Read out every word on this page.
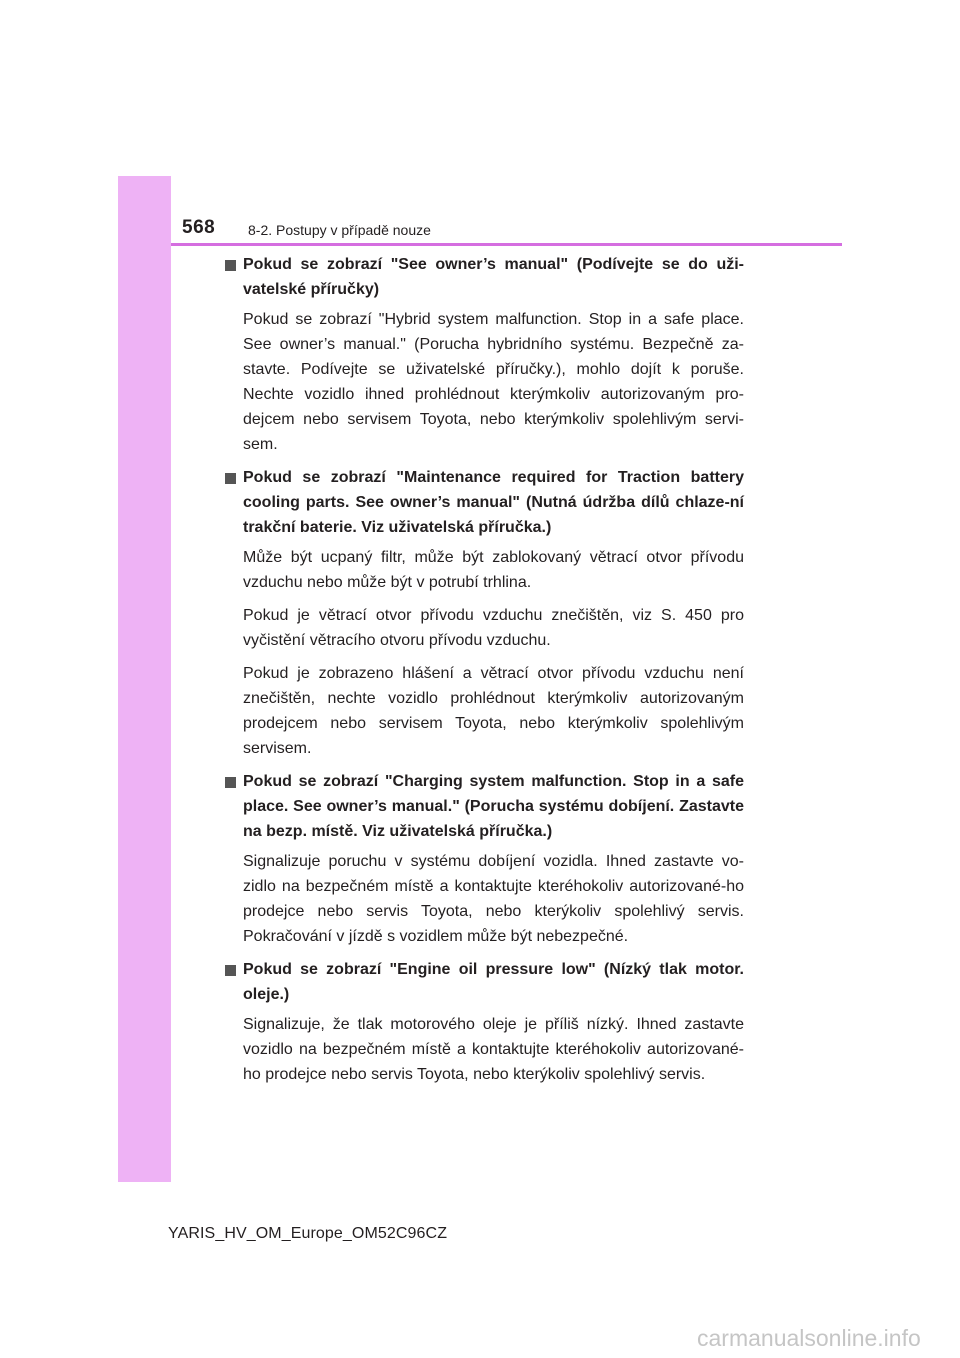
568 8-2. Postupy v případě nouze

Pokud se zobrazí "See owner’s manual" (Podívejte se do uži-vatelské příručky)

Pokud se zobrazí "Hybrid system malfunction. Stop in a safe place. See owner’s manual." (Porucha hybridního systému. Bezpečně za-stavte. Podívejte se uživatelské příručky.), mohlo dojít k poruše. Nechte vozidlo ihned prohlédnout kterýmkoliv autorizovaným pro-dejcem nebo servisem Toyota, nebo kterýmkoliv spolehlivým servi-sem.

Pokud se zobrazí "Maintenance required for Traction battery cooling parts. See owner’s manual" (Nutná údržba dílů chlaze-ní trakční baterie. Viz uživatelská příručka.)

Může být ucpaný filtr, může být zablokovaný větrací otvor přívodu vzduchu nebo může být v potrubí trhlina.

Pokud je větrací otvor přívodu vzduchu znečištěn, viz S. 450 pro vyčistění větracího otvoru přívodu vzduchu.

Pokud je zobrazeno hlášení a větrací otvor přívodu vzduchu není znečištěn, nechte vozidlo prohlédnout kterýmkoliv autorizovaným prodejcem nebo servisem Toyota, nebo kterýmkoliv spolehlivým servisem.

Pokud se zobrazí "Charging system malfunction. Stop in a safe place. See owner’s manual." (Porucha systému dobíjení. Zastavte na bezp. místě. Viz uživatelská příručka.)

Signalizuje poruchu v systému dobíjení vozidla. Ihned zastavte vo-zidlo na bezpečném místě a kontaktujte kteréhokoliv autorizované-ho prodejce nebo servis Toyota, nebo kterýkoliv spolehlivý servis. Pokračování v jízdě s vozidlem může být nebezpečné.

Pokud se zobrazí "Engine oil pressure low" (Nízký tlak motor. oleje.)

Signalizuje, že tlak motorového oleje je příliš nízký. Ihned zastavte vozidlo na bezpečném místě a kontaktujte kteréhokoliv autorizované-ho prodejce nebo servis Toyota, nebo kterýkoliv spolehlivý servis.

YARIS_HV_OM_Europe_OM52C96CZ
carmanualsonline.info
